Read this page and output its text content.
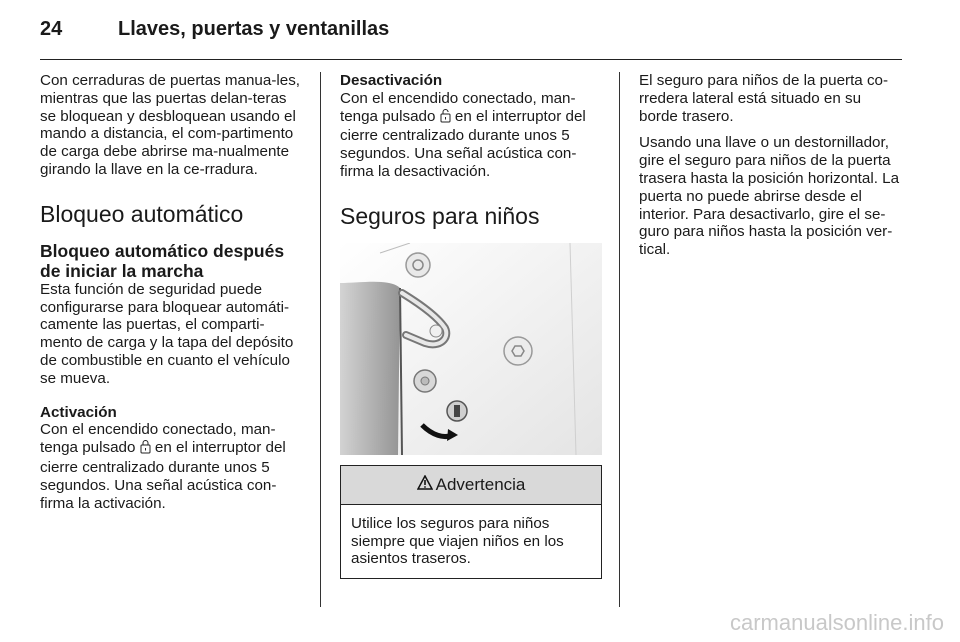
24	Llaves, puertas y ventanillas

Con cerraduras de puertas manua-les, mientras que las puertas delan-teras se bloquean y desbloquean usando el mando a distancia, el com-partimento de carga debe abrirse ma-nualmente girando la llave en la ce-rradura.

Bloqueo automático
Bloqueo automático después de iniciar la marcha

Esta función de seguridad puede configurarse para bloquear automáti-camente las puertas, el comparti-mento de carga y la tapa del depósito de combustible en cuanto el vehículo se mueva.

Activación

Con el encendido conectado, man-tenga pulsado en el interruptor del cierre centralizado durante unos 5 segundos. Una señal acústica con-firma la activación.

Desactivación

Con el encendido conectado, man-tenga pulsado en el interruptor del cierre centralizado durante unos 5 segundos. Una señal acústica con-firma la desactivación.

Seguros para niños
Advertencia
Utilice los seguros para niños siempre que viajen niños en los asientos traseros.

El seguro para niños de la puerta co-rredera lateral está situado en su borde trasero.

Usando una llave o un destornillador, gire el seguro para niños de la puerta trasera hasta la posición horizontal. La puerta no puede abrirse desde el interior. Para desactivarlo, gire el se-guro para niños hasta la posición ver-tical.

carmanualsonline.info
